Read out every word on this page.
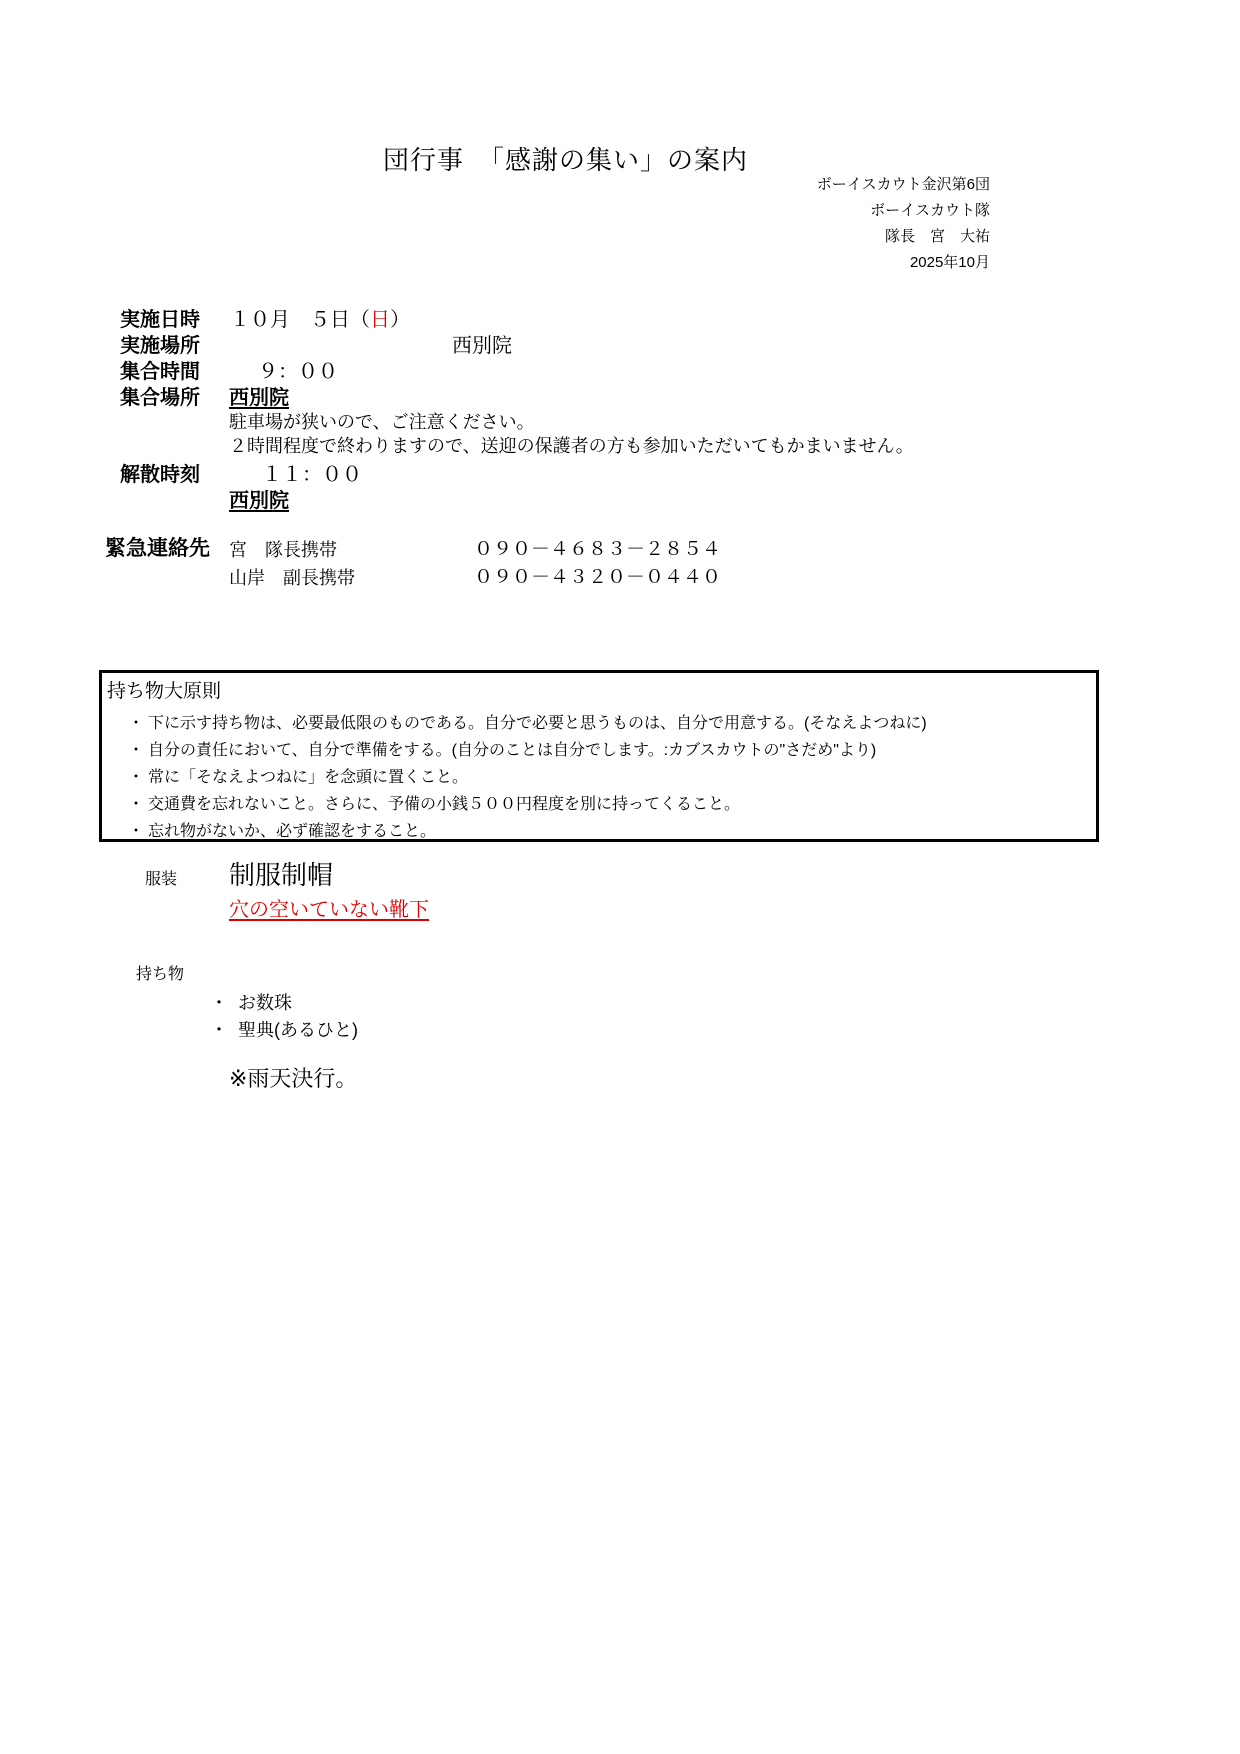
団行事　「感謝の集い」の案内
ボーイスカウト金沢第6団
ボーイスカウト隊
隊長　宮　大祐
2025年10月
実施日時 １０月　５日（日）
実施場所	西別院
集合時間	９：００
集合場所 西別院
駐車場が狭いので、ご注意ください。
２時間程度で終わりますので、送迎の保護者の方も参加いただいてもかまいません。
解散時刻	１１：００
西別院
緊急連絡先 宮　隊長携帯	０９０－４６８３－２８５４
山岸　副長携帯	０９０－４３２０－０４４０
持ち物大原則
・ 下に示す持ち物は、必要最低限のものである。自分で必要と思うものは、自分で用意する。(そなえよつねに)
・ 自分の責任において、自分で準備をする。(自分のことは自分でします。:カブスカウトの"さだめ"より)
・ 常に「そなえよつねに」を念頭に置くこと。
・ 交通費を忘れないこと。さらに、予備の小銭５００円程度を別に持ってくること。
・ 忘れ物がないか、必ず確認をすること。
服装 制服制帽
穴の空いていない靴下
持ち物
・ お数珠
・ 聖典(あるひと)
※雨天決行。
